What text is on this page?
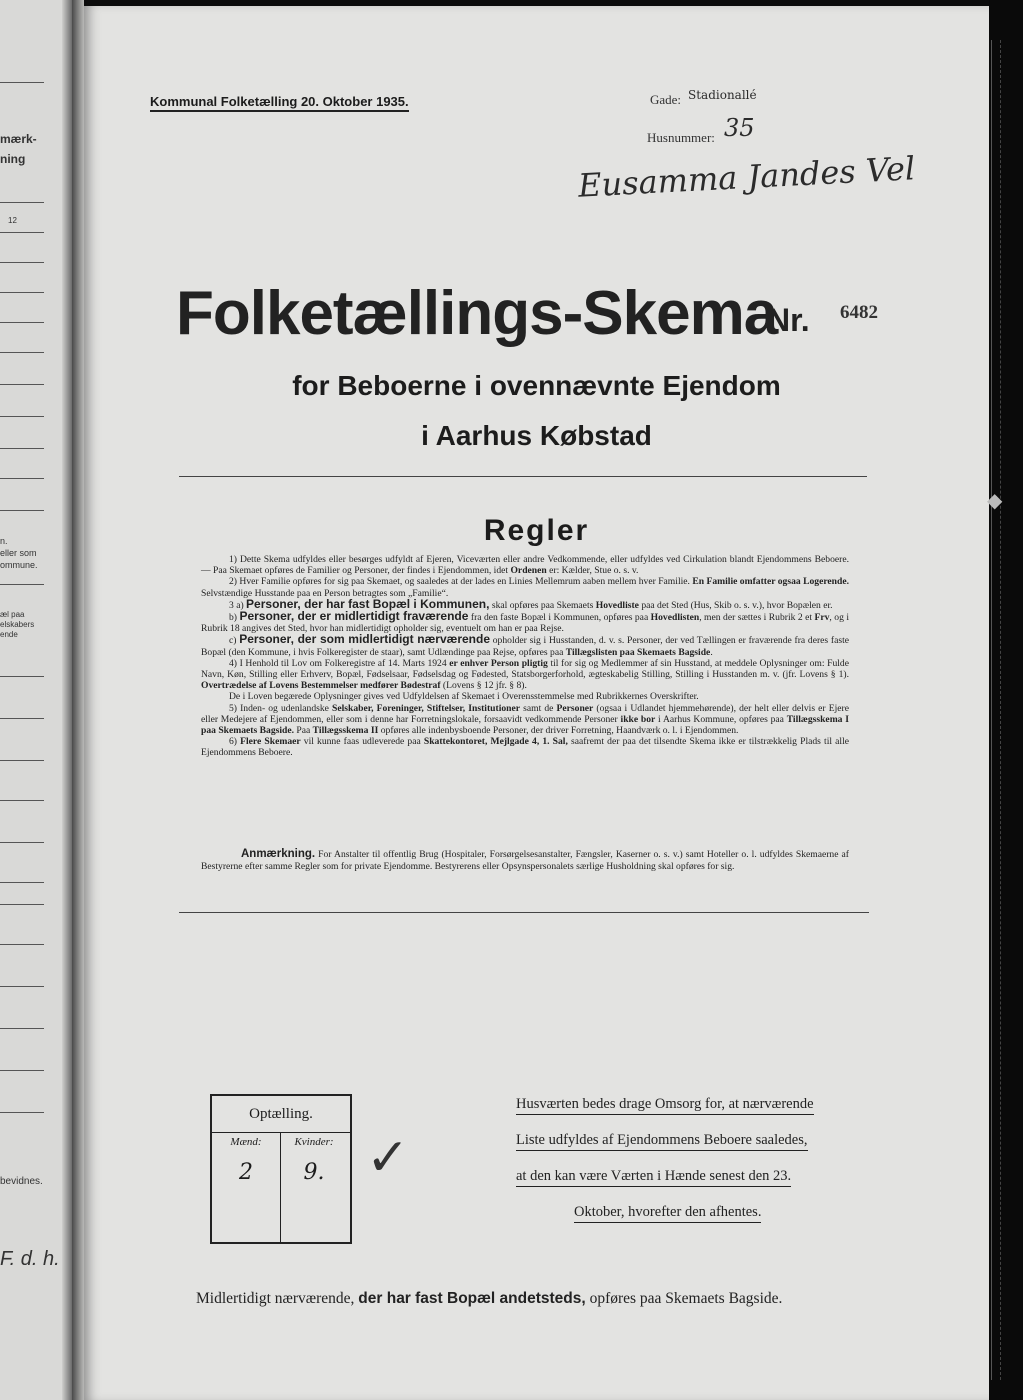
mærk-
ning
12
n.
eller som
ommune.
æl paa
elskabers
ende
bevidnes.
F. d. h.
Kommunal Folketælling 20. Oktober 1935.	Gade: Stadionallé
Husnummer: 35
Eusamma Jandes Vel
Folketællings-Skema
Nr. 6482
for Beboerne i ovennævnte Ejendom
i Aarhus Købstad
Regler

1) Dette Skema udfyldes eller besørges udfyldt af Ejeren, Viceværten eller andre Vedkommende, eller udfyldes ved Cirkulation blandt Ejendommens Beboere. — Paa Skemaet opføres de Familier og Personer, der findes i Ejendommen, idet Ordenen er: Kælder, Stue o. s. v.

2) Hver Familie opføres for sig paa Skemaet, og saaledes at der lades en Linies Mellemrum aaben mellem hver Familie. En Familie omfatter ogsaa Logerende. Selvstændige Husstande paa en Person betragtes som „Familie“.

3 a) Personer, der har fast Bopæl i Kommunen, skal opføres paa Skemaets Hovedliste paa det Sted (Hus, Skib o. s. v.), hvor Bopælen er.

b) Personer, der er midlertidigt fraværende fra den faste Bopæl i Kommunen, opføres paa Hovedlisten, men der sættes i Rubrik 2 et Frv, og i Rubrik 18 angives det Sted, hvor han midlertidigt opholder sig, eventuelt om han er paa Rejse.

c) Personer, der som midlertidigt nærværende opholder sig i Husstanden, d. v. s. Personer, der ved Tællingen er fraværende fra deres faste Bopæl (den Kommune, i hvis Folkeregister de staar), samt Udlændinge paa Rejse, opføres paa Tillægslisten paa Skemaets Bagside.

4) I Henhold til Lov om Folkeregistre af 14. Marts 1924 er enhver Person pligtig til for sig og Medlemmer af sin Husstand, at meddele Oplysninger om: Fulde Navn, Køn, Stilling eller Erhverv, Bopæl, Fødselsaar, Fødselsdag og Fødested, Statsborgerforhold, ægteskabelig Stilling, Stilling i Husstanden m. v. (jfr. Lovens § 1). Overtrædelse af Lovens Bestemmelser medfører Bødestraf (Lovens § 12 jfr. § 8).

De i Loven begærede Oplysninger gives ved Udfyldelsen af Skemaet i Overensstemmelse med Rubrikkernes Overskrifter.

5) Inden- og udenlandske Selskaber, Foreninger, Stiftelser, Institutioner samt de Personer (ogsaa i Udlandet hjemmehørende), der helt eller delvis er Ejere eller Medejere af Ejendommen, eller som i denne har Forretningslokale, forsaavidt vedkommende Personer ikke bor i Aarhus Kommune, opføres paa Tillægsskema I paa Skemaets Bagside. Paa Tillægsskema II opføres alle indenbysboende Personer, der driver Forretning, Haandværk o. l. i Ejendommen.

6) Flere Skemaer vil kunne faas udleverede paa Skattekontoret, Mejlgade 4, 1. Sal, saafremt der paa det tilsendte Skema ikke er tilstrækkelig Plads til alle Ejendommens Beboere.

Anmærkning. For Anstalter til offentlig Brug (Hospitaler, Forsørgelsesanstalter, Fængsler, Kaserner o. s. v.) samt Hoteller o. l. udfyldes Skemaerne af Bestyrerne efter samme Regler som for private Ejendomme. Bestyrerens eller Opsynspersonalets særlige Husholdning skal opføres for sig.
Optælling.
Mænd:	Kvinder:
2	9. ✓
Husværten bedes drage Omsorg for, at nærværende
Liste udfyldes af Ejendommens Beboere saaledes,
at den kan være Værten i Hænde senest den 23.
Oktober, hvorefter den afhentes.
Midlertidigt nærværende, der har fast Bopæl andetsteds, opføres paa Skemaets Bagside.
◆
